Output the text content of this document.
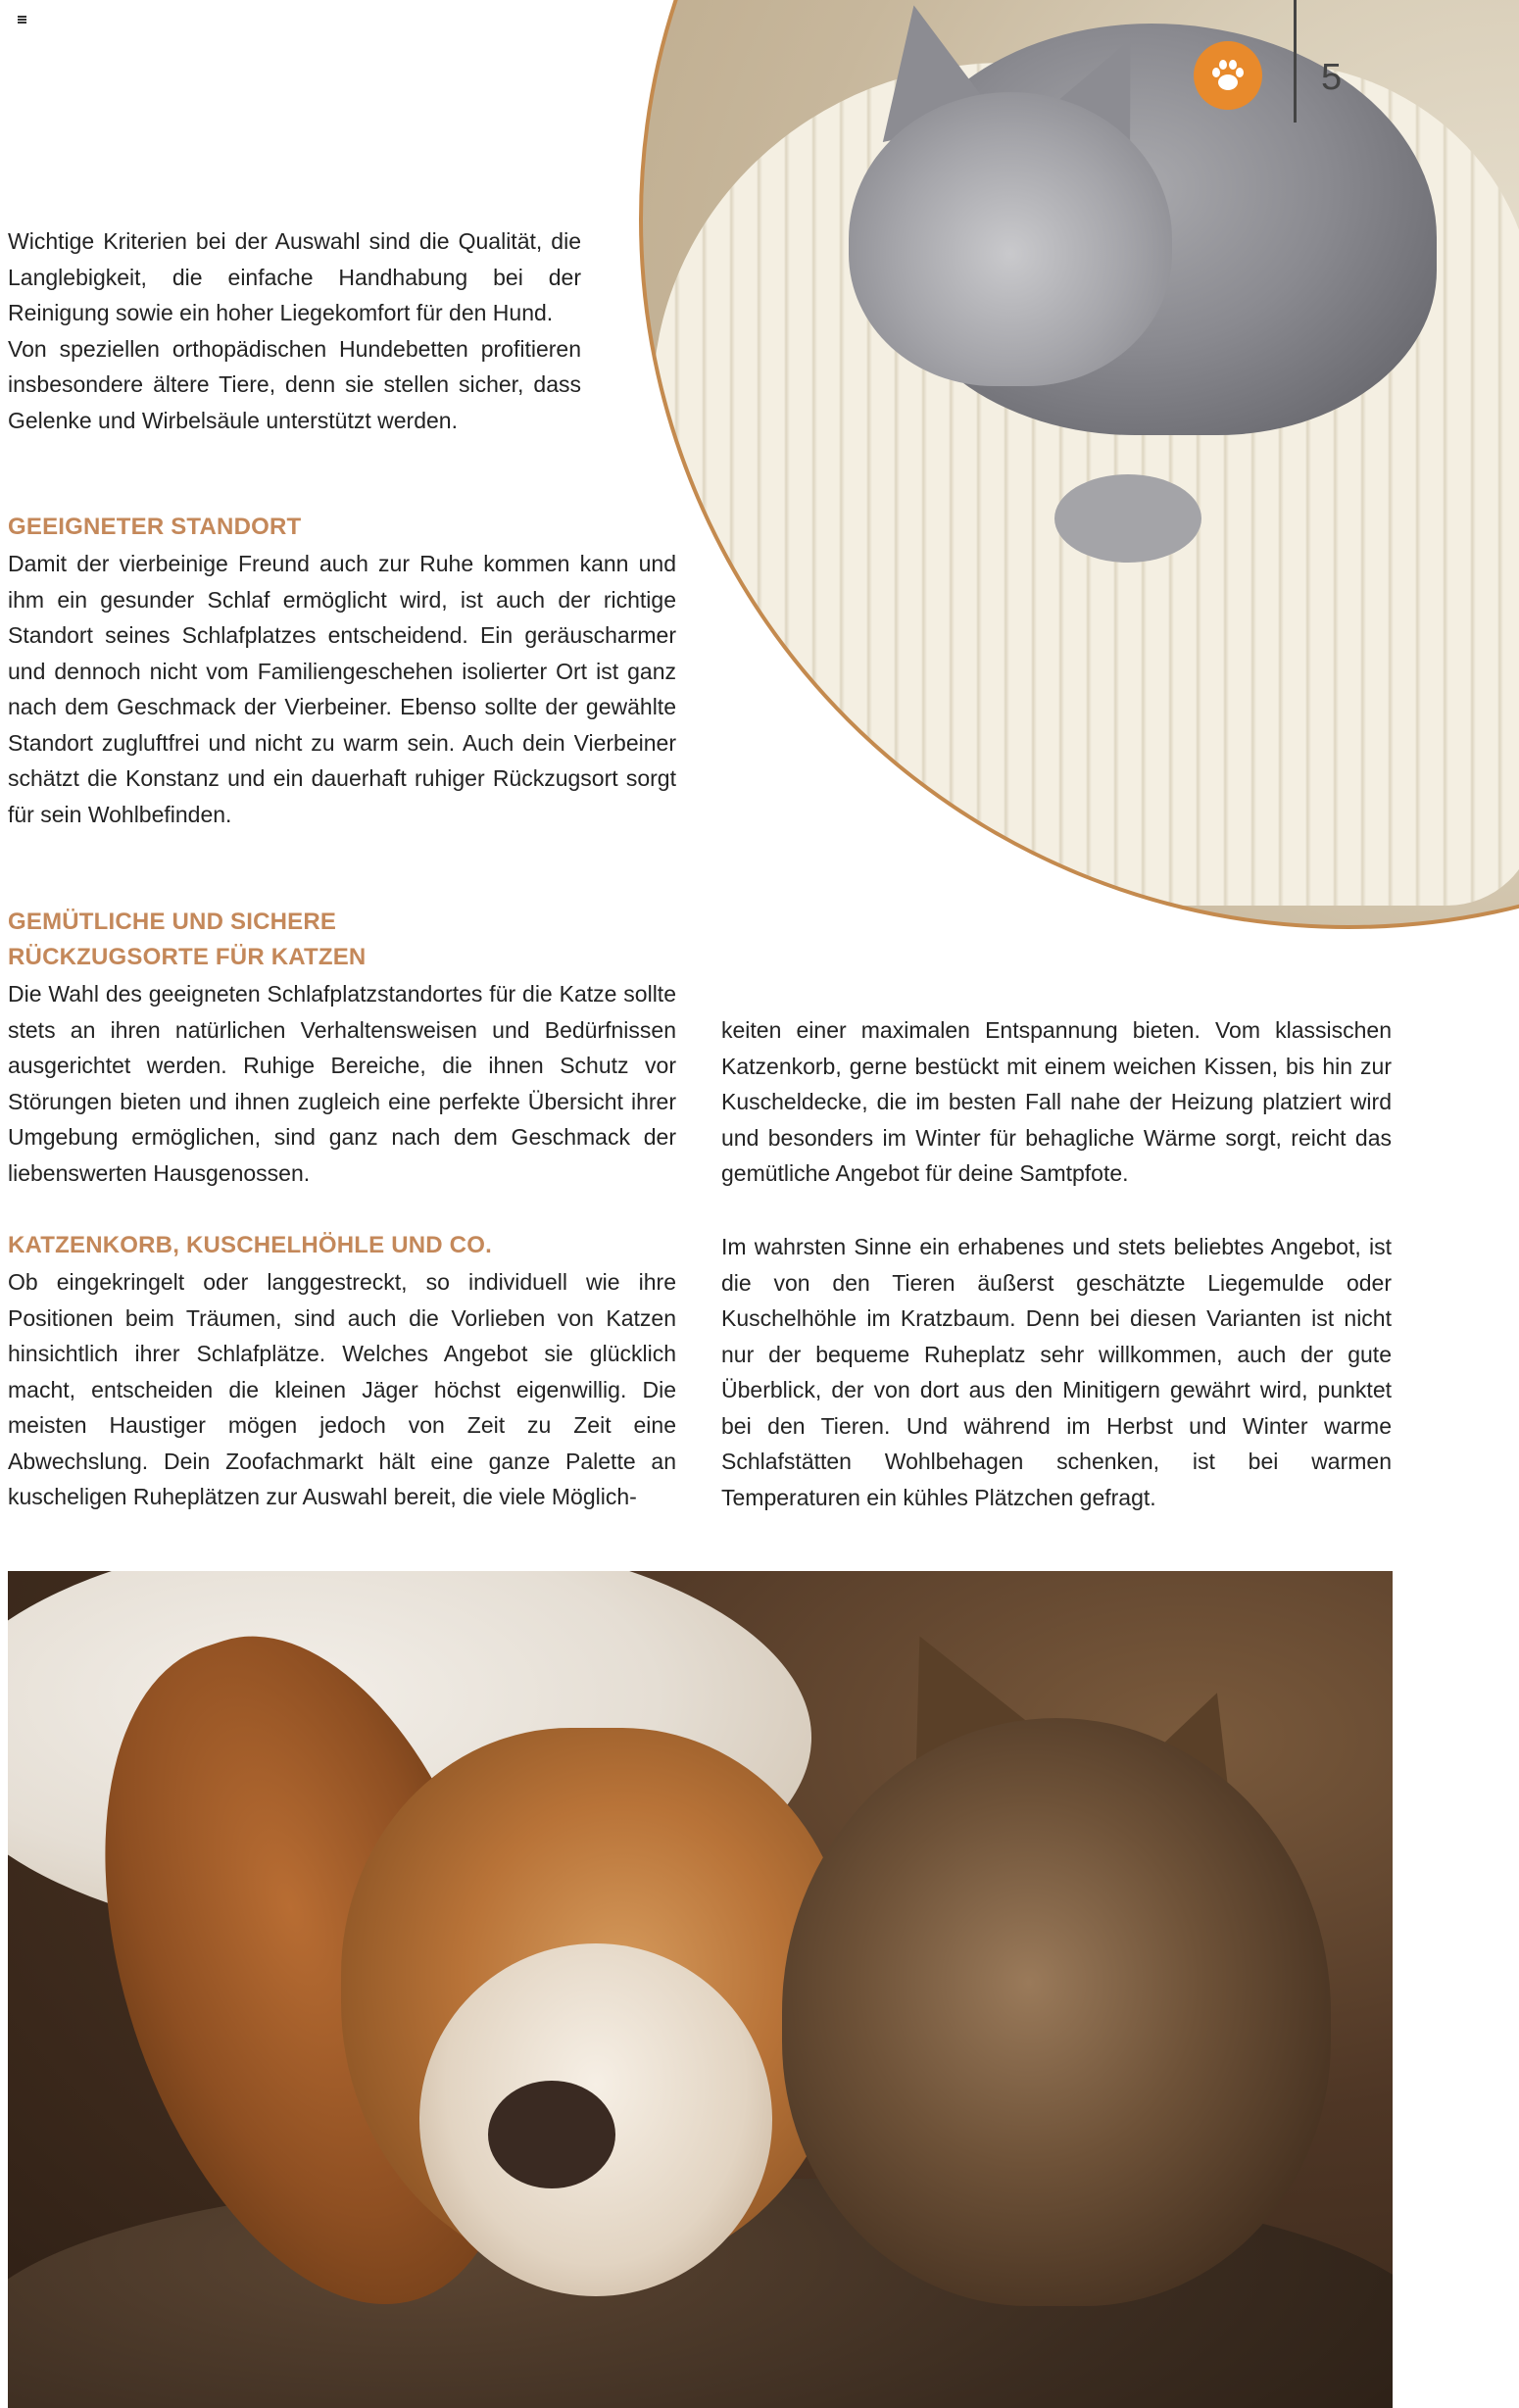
5

Wichtige Kriterien bei der Auswahl sind die Qualität, die Langlebigkeit, die einfache Handhabung bei der Reinigung sowie ein hoher Liegekomfort für den Hund.

Von speziellen orthopädischen Hundebetten profitieren insbesondere ältere Tiere, denn sie stellen sicher, dass Gelenke und Wirbelsäule unterstützt werden.

GEEIGNETER STANDORT
Damit der vierbeinige Freund auch zur Ruhe kommen kann und ihm ein gesunder Schlaf ermöglicht wird, ist auch der richtige Standort seines Schlafplatzes entscheidend. Ein geräuscharmer und dennoch nicht vom Familiengeschehen isolierter Ort ist ganz nach dem Geschmack der Vierbeiner. Ebenso sollte der gewählte Standort zugluftfrei und nicht zu warm sein. Auch dein Vierbeiner schätzt die Konstanz und ein dauerhaft ruhiger Rückzugsort sorgt für sein Wohlbefinden.
GEMÜTLICHE UND SICHERE
RÜCKZUGSORTE FÜR KATZEN
Die Wahl des geeigneten Schlafplatzstandortes für die Katze sollte stets an ihren natürlichen Verhaltensweisen und Bedürfnissen ausgerichtet werden. Ruhige Bereiche, die ihnen Schutz vor Störungen bieten und ihnen zugleich eine perfekte Übersicht ihrer Umgebung ermöglichen, sind ganz nach dem Geschmack der liebenswerten Hausgenossen.
keiten einer maximalen Entspannung bieten. Vom klassischen Katzenkorb, gerne bestückt mit einem weichen Kissen, bis hin zur Kuscheldecke, die im besten Fall nahe der Heizung platziert wird und besonders im Winter für behagliche Wärme sorgt, reicht das gemütliche Angebot für deine Samtpfote.
KATZENKORB, KUSCHELHÖHLE UND CO.
Ob eingekringelt oder langgestreckt, so individuell wie ihre Positionen beim Träumen, sind auch die Vorlieben von Katzen hinsichtlich ihrer Schlafplätze. Welches Angebot sie glücklich macht, entscheiden die kleinen Jäger höchst eigenwillig. Die meisten Haustiger mögen jedoch von Zeit zu Zeit eine Abwechslung. Dein Zoofachmarkt hält eine ganze Palette an kuscheligen Ruheplätzen zur Auswahl bereit, die viele Möglich-
Im wahrsten Sinne ein erhabenes und stets beliebtes Angebot, ist die von den Tieren äußerst geschätzte Liegemulde oder Kuschelhöhle im Kratzbaum. Denn bei diesen Varianten ist nicht nur der bequeme Ruheplatz sehr willkommen, auch der gute Überblick, der von dort aus den Minitigern gewährt wird, punktet bei den Tieren. Und während im Herbst und Winter warme Schlafstätten Wohlbehagen schenken, ist bei warmen Temperaturen ein kühles Plätzchen gefragt.
